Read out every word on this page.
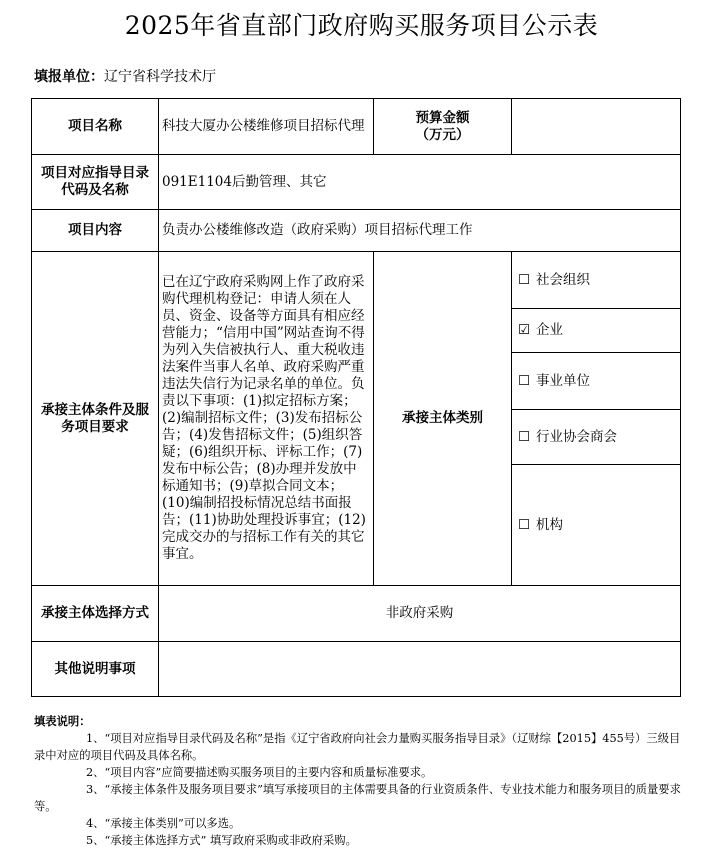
2025年省直部门政府购买服务项目公示表
填报单位：辽宁省科学技术厅
项目名称	科技大厦办公楼维修项目招标代理	预算金额
（万元）	

项目对应指导目录代码及名称	091E1104后勤管理、其它		
项目内容	负责办公楼维修改造（政府采购）项目招标代理工作		
承接主体条件及服务项目要求	已在辽宁政府采购网上作了政府采购代理机构登记：申请人须在人员、资金、设备等方面具有相应经营能力；“信用中国”网站查询不得为列入失信被执行人、重大税收违法案件当事人名单、政府采购严重违法失信行为记录名单的单位。负责以下事项：(1)拟定招标方案；(2)编制招标文件；(3)发布招标公告；(4)发售招标文件；(5)组织答疑；(6)组织开标、评标工作；(7)发布中标公告；(8)办理并发放中标通知书；(9)草拟合同文本；(10)编制招投标情况总结书面报告；(11)协助处理投诉事宜；(12)完成交办的与招标工作有关的其它事宜。	承接主体类别	☐ 社会组织
			☑ 企业
			☐ 事业单位
			☐ 行业协会商会
			☐ 机构
承接主体选择方式	非政府采购		
其他说明事项			
填表说明：
1、“项目对应指导目录代码及名称”是指《辽宁省政府向社会力量购买服务指导目录》（辽财综【2015】455号）三级目录中对应的项目代码及具体名称。
2、“项目内容”应简要描述购买服务项目的主要内容和质量标准要求。
3、“承接主体条件及服务项目要求”填写承接项目的主体需要具备的行业资质条件、专业技术能力和服务项目的质量要求等。
4、“承接主体类别”可以多选。
5、“承接主体选择方式” 填写政府采购或非政府采购。
